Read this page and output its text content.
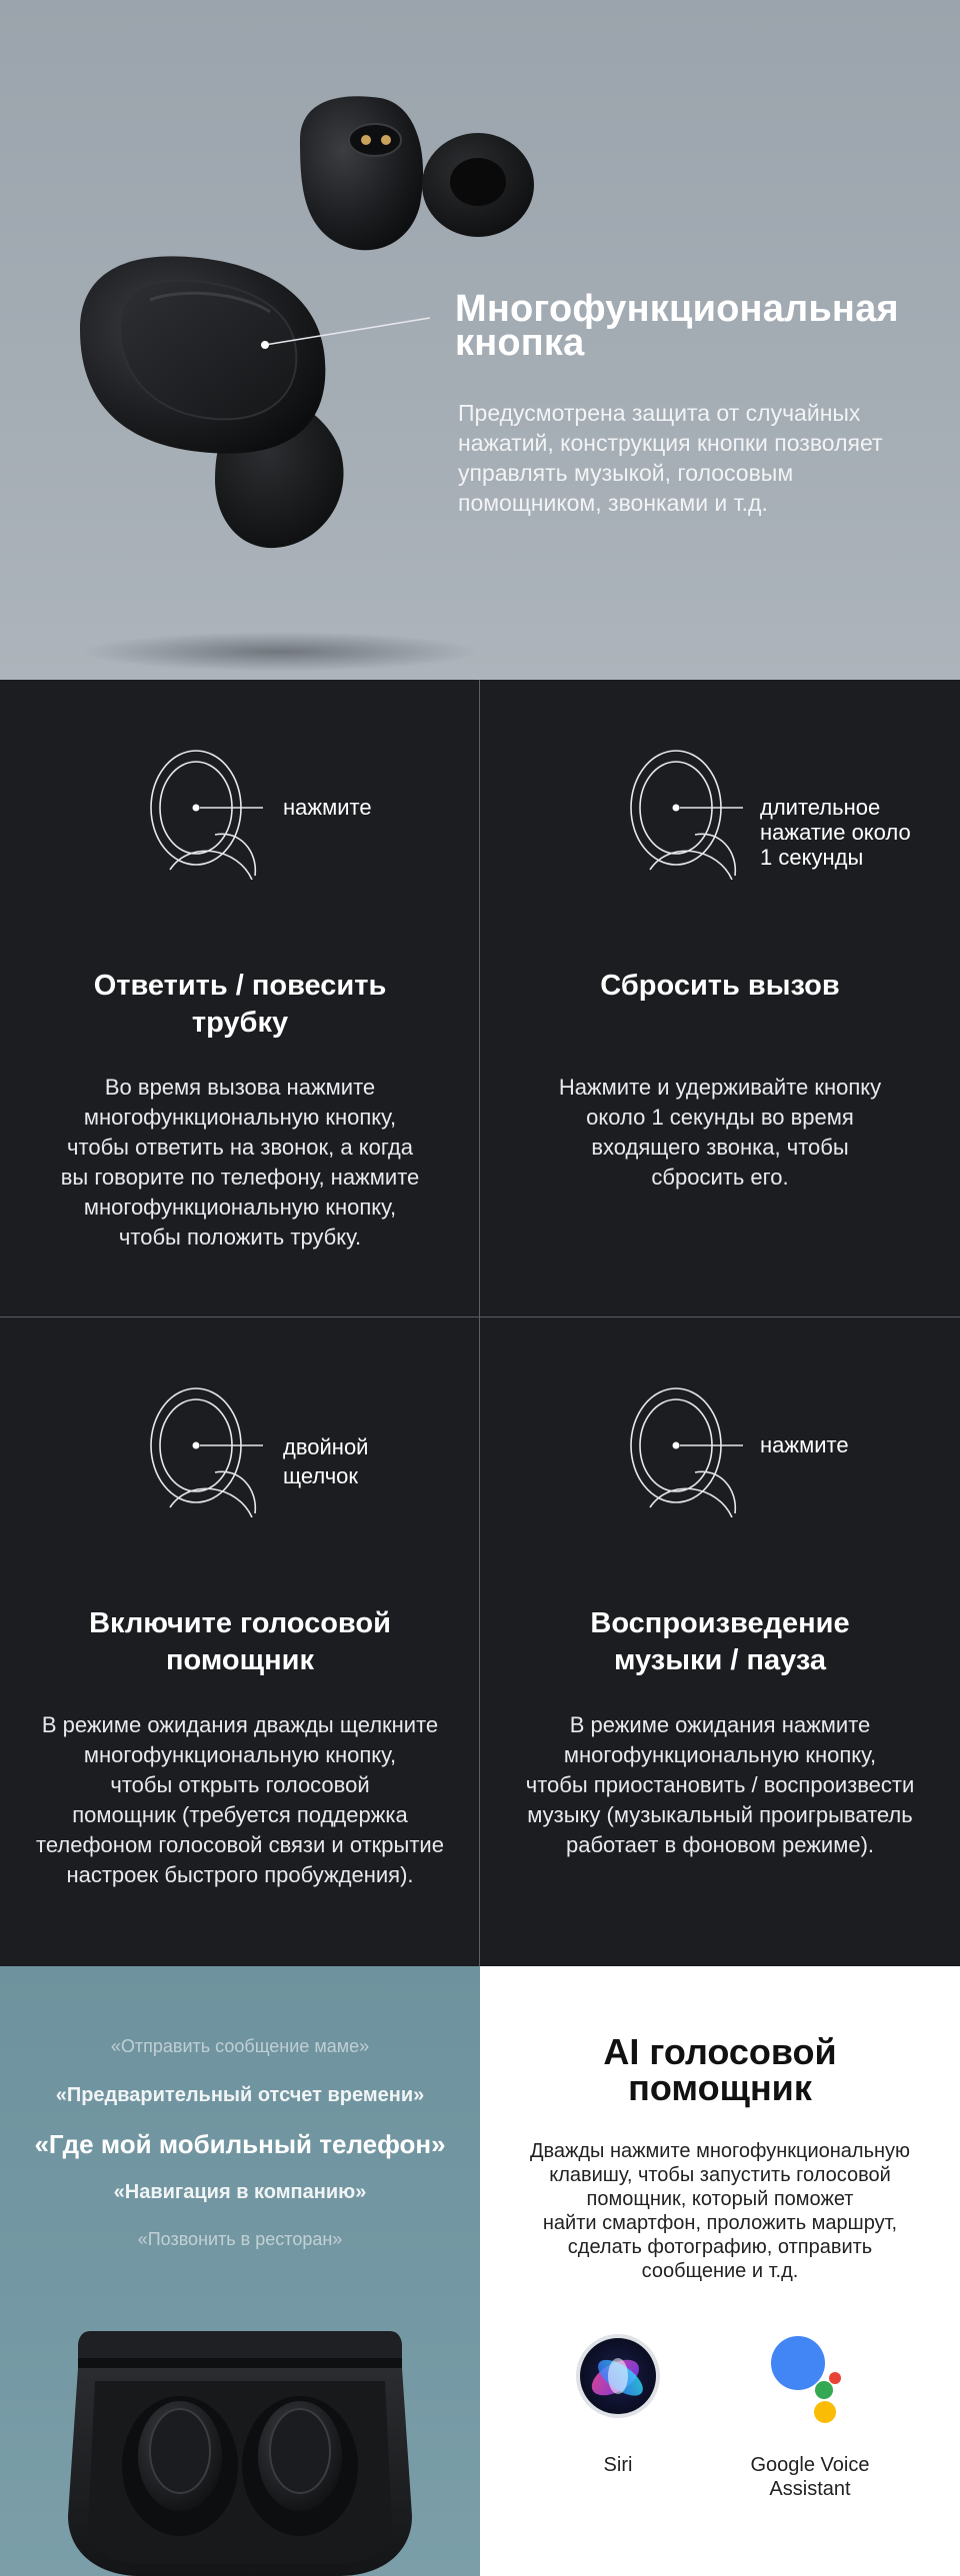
Многофункциональная
кнопка
Предусмотрена защита от случайных нажатий, конструкция кнопки позволяет управлять музыкой, голосовым помощником, звонками и т.д.
нажмите
Ответить / повесить
трубку

Во время вызова нажмите
многофункциональную кнопку,
чтобы ответить на звонок, а когда
вы говорите по телефону, нажмите
многофункциональную кнопку,
чтобы положить трубку.

длительное
нажатие около
1 секунды
Сбросить вызов

Нажмите и удерживайте кнопку
около 1 секунды во время
входящего звонка, чтобы
сбросить его.

двойной
щелчок
Включите голосовой
помощник

В режиме ожидания дважды щелкните
многофункциональную кнопку,
чтобы открыть голосовой
помощник (требуется поддержка
телефоном голосовой связи и открытие
настроек быстрого пробуждения).

нажмите
Воспроизведение
музыки / пауза

В режиме ожидания нажмите
многофункциональную кнопку,
чтобы приостановить / воспроизвести
музыку (музыкальный проигрыватель
работает в фоновом режиме).

«Отправить сообщение маме»
«Предварительный отсчет времени»
«Где мой мобильный телефон»
«Навигация в компанию»
«Позвонить в ресторан»
AI голосовой
помощник
Дважды нажмите многофункциональную
клавишу, чтобы запустить голосовой
помощник, который поможет
найти смартфон, проложить маршрут,
сделать фотографию, отправить
сообщение и т.д.
Siri	Google Voice
Assistant
